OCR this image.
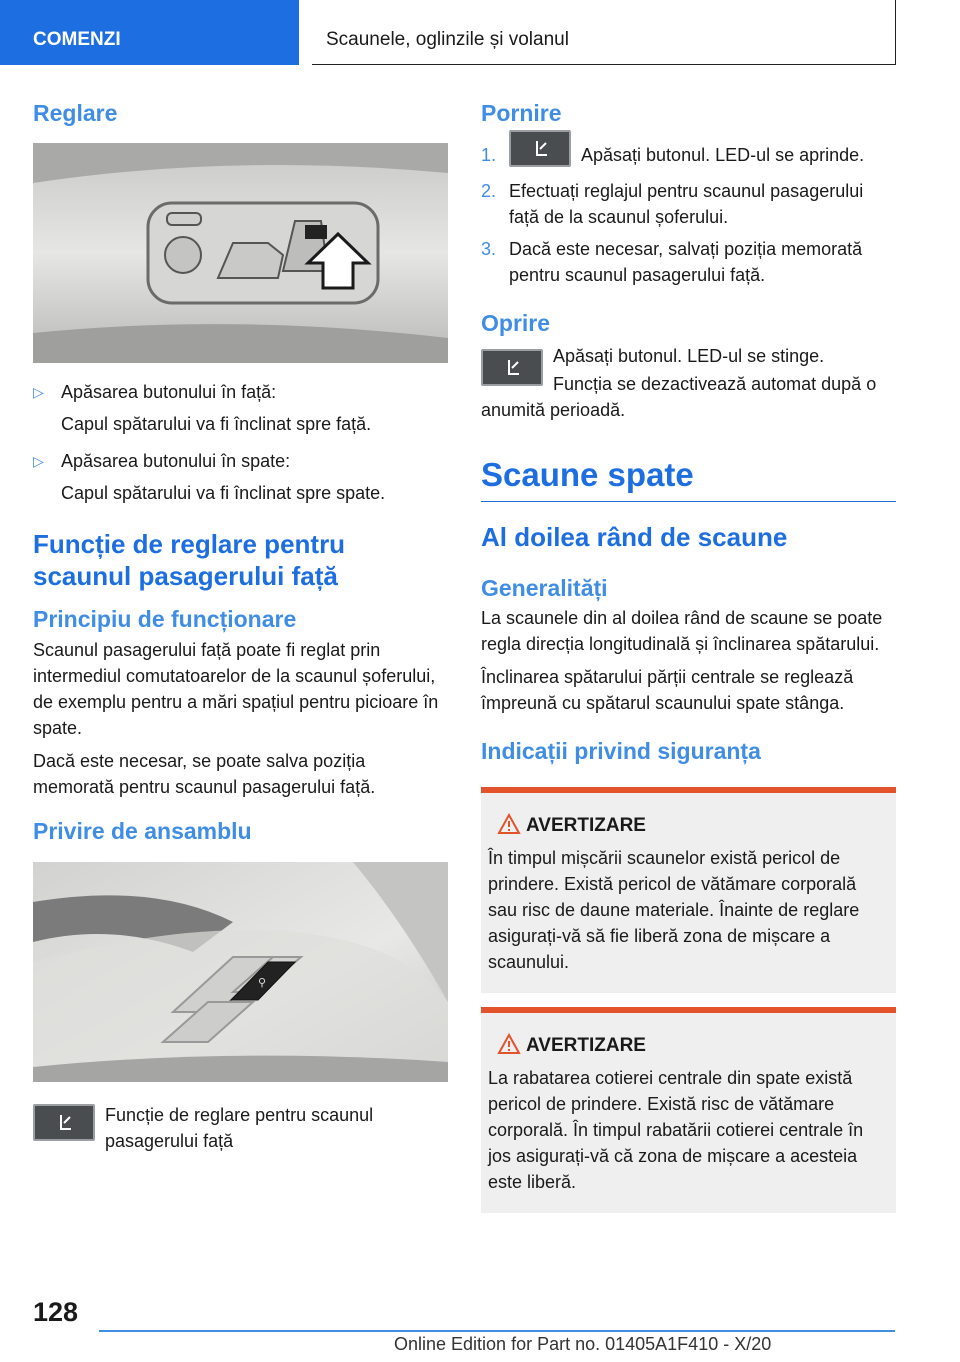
COMENZI	Scaunele, oglinzile și volanul
Reglare
▷ Apăsarea butonului în față:
Capul spătarului va fi înclinat spre față.
▷ Apăsarea butonului în spate:
Capul spătarului va fi înclinat spre spate.
Funcție de reglare pentru scaunul pasagerului față
Principiu de funcționare

Scaunul pasagerului față poate fi reglat prin intermediul comutatoarelor de la scaunul șoferului, de exemplu pentru a mări spațiul pentru picioare în spate.

Dacă este necesar, se poate salva poziția memorată pentru scaunul pasagerului față.

Privire de ansamblu
⚲
Funcție de reglare pentru scaunul pasagerului față
Pornire
1.	Apăsați butonul. LED-ul se aprinde.
2. Efectuați reglajul pentru scaunul pasagerului față de la scaunul șoferului.
3. Dacă este necesar, salvați poziția memorată pentru scaunul pasagerului față.
Oprire

Apăsați butonul. LED-ul se stinge.

Funcția se dezactivează automat după o anumită perioadă.

Scaune spate
Al doilea rând de scaune
Generalități

La scaunele din al doilea rând de scaune se poate regla direcția longitudinală și înclinarea spătarului.

Înclinarea spătarului părții centrale se reglează împreună cu spătarul scaunului spate stânga.

Indicații privind siguranța
AVERTIZARE

În timpul mișcării scaunelor există pericol de prindere. Există pericol de vătămare corporală sau risc de daune materiale. Înainte de reglare asigurați-vă să fie liberă zona de mișcare a scaunului.

AVERTIZARE

La rabatarea cotierei centrale din spate există pericol de prindere. Există risc de vătămare corporală. În timpul rabatării cotierei centrale în jos asigurați-vă că zona de mișcare a acesteia este liberă.

128
Online Edition for Part no. 01405A1F410 - X/20
